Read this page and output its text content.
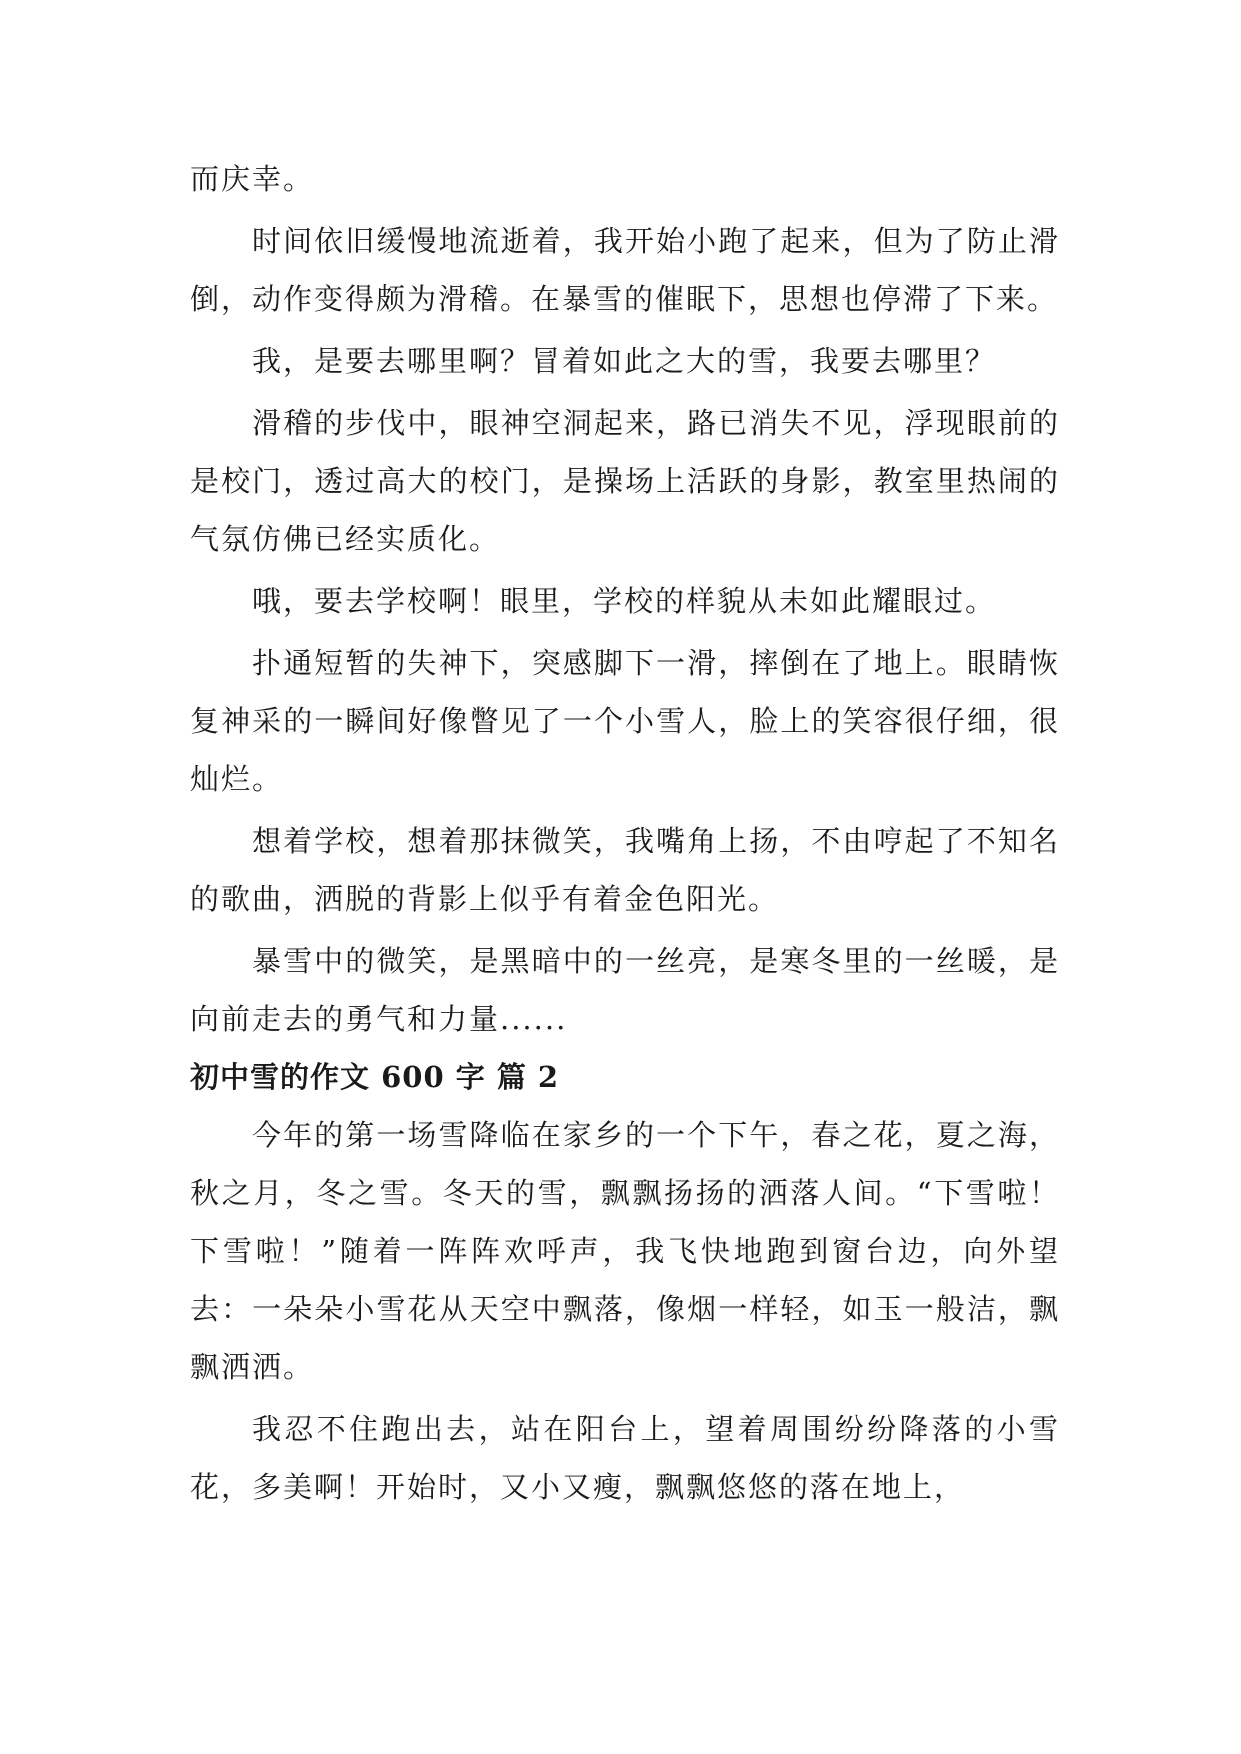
而庆幸。

时间依旧缓慢地流逝着，我开始小跑了起来，但为了防止滑倒，动作变得颇为滑稽。在暴雪的催眠下，思想也停滞了下来。

我，是要去哪里啊？冒着如此之大的雪，我要去哪里？

滑稽的步伐中，眼神空洞起来，路已消失不见，浮现眼前的是校门，透过高大的校门，是操场上活跃的身影，教室里热闹的气氛仿佛已经实质化。

哦，要去学校啊！眼里，学校的样貌从未如此耀眼过。

扑通短暂的失神下，突感脚下一滑，摔倒在了地上。眼睛恢复神采的一瞬间好像瞥见了一个小雪人，脸上的笑容很仔细，很灿烂。

想着学校，想着那抹微笑，我嘴角上扬，不由哼起了不知名的歌曲，洒脱的背影上似乎有着金色阳光。

暴雪中的微笑，是黑暗中的一丝亮，是寒冬里的一丝暖，是向前走去的勇气和力量......

初中雪的作文 600 字 篇 2

今年的第一场雪降临在家乡的一个下午，春之花，夏之海，秋之月，冬之雪。冬天的雪，飘飘扬扬的洒落人间。“下雪啦！下雪啦！”随着一阵阵欢呼声，我飞快地跑到窗台边，向外望去：一朵朵小雪花从天空中飘落，像烟一样轻，如玉一般洁，飘飘洒洒。

我忍不住跑出去，站在阳台上，望着周围纷纷降落的小雪花，多美啊！开始时，又小又瘦，飘飘悠悠的落在地上，
